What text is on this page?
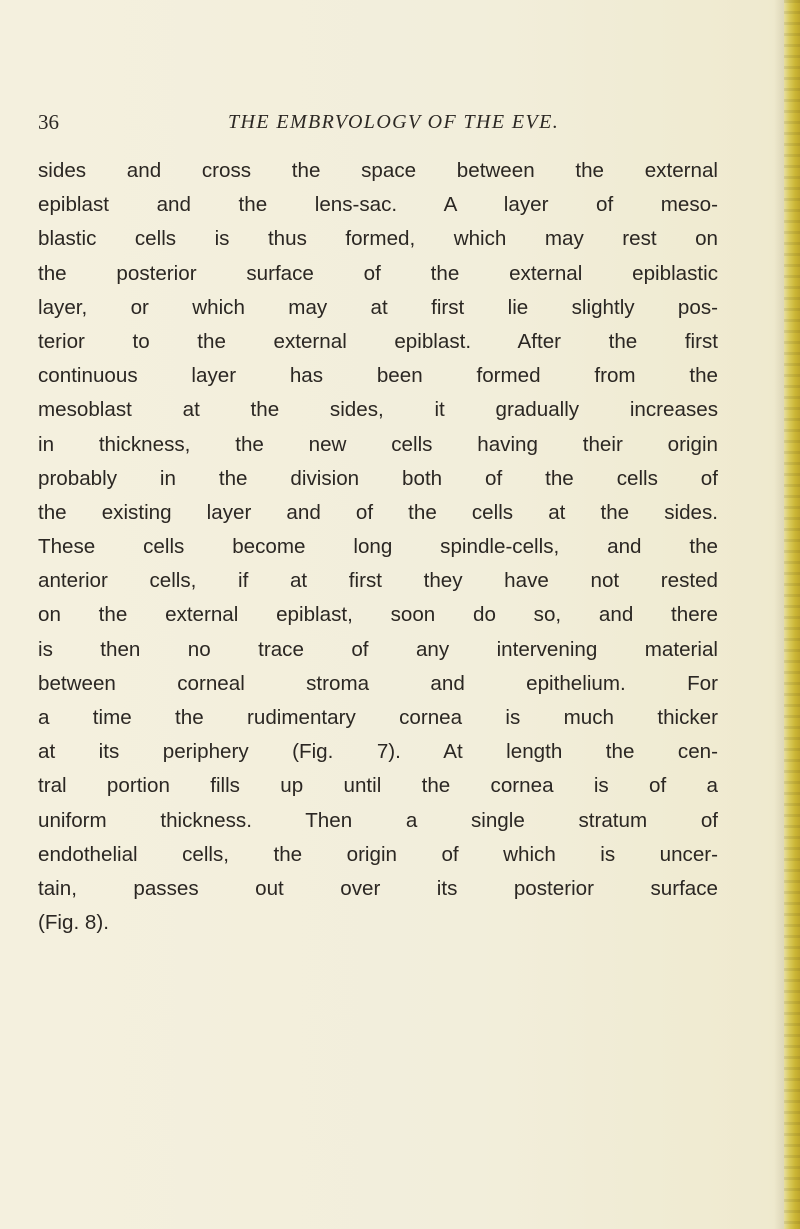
36	THE EMBRVOLOGV OF THE EVE.
sides and cross the space between the external
epiblast and the lens-sac. A layer of meso-
blastic cells is thus formed, which may rest on
the posterior surface of the external epiblastic
layer, or which may at first lie slightly pos-
terior to the external epiblast. After the first
continuous layer has been formed from the
mesoblast at the sides, it gradually increases
in thickness, the new cells having their origin
probably in the division both of the cells of
the existing layer and of the cells at the sides.
These cells become long spindle-cells, and the
anterior cells, if at first they have not rested
on the external epiblast, soon do so, and there
is then no trace of any intervening material
between corneal stroma and epithelium. For
a time the rudimentary cornea is much thicker
at its periphery (Fig. 7). At length the cen-
tral portion fills up until the cornea is of a
uniform thickness. Then a single stratum of
endothelial cells, the origin of which is uncer-
tain, passes out over its posterior surface
(Fig. 8).
